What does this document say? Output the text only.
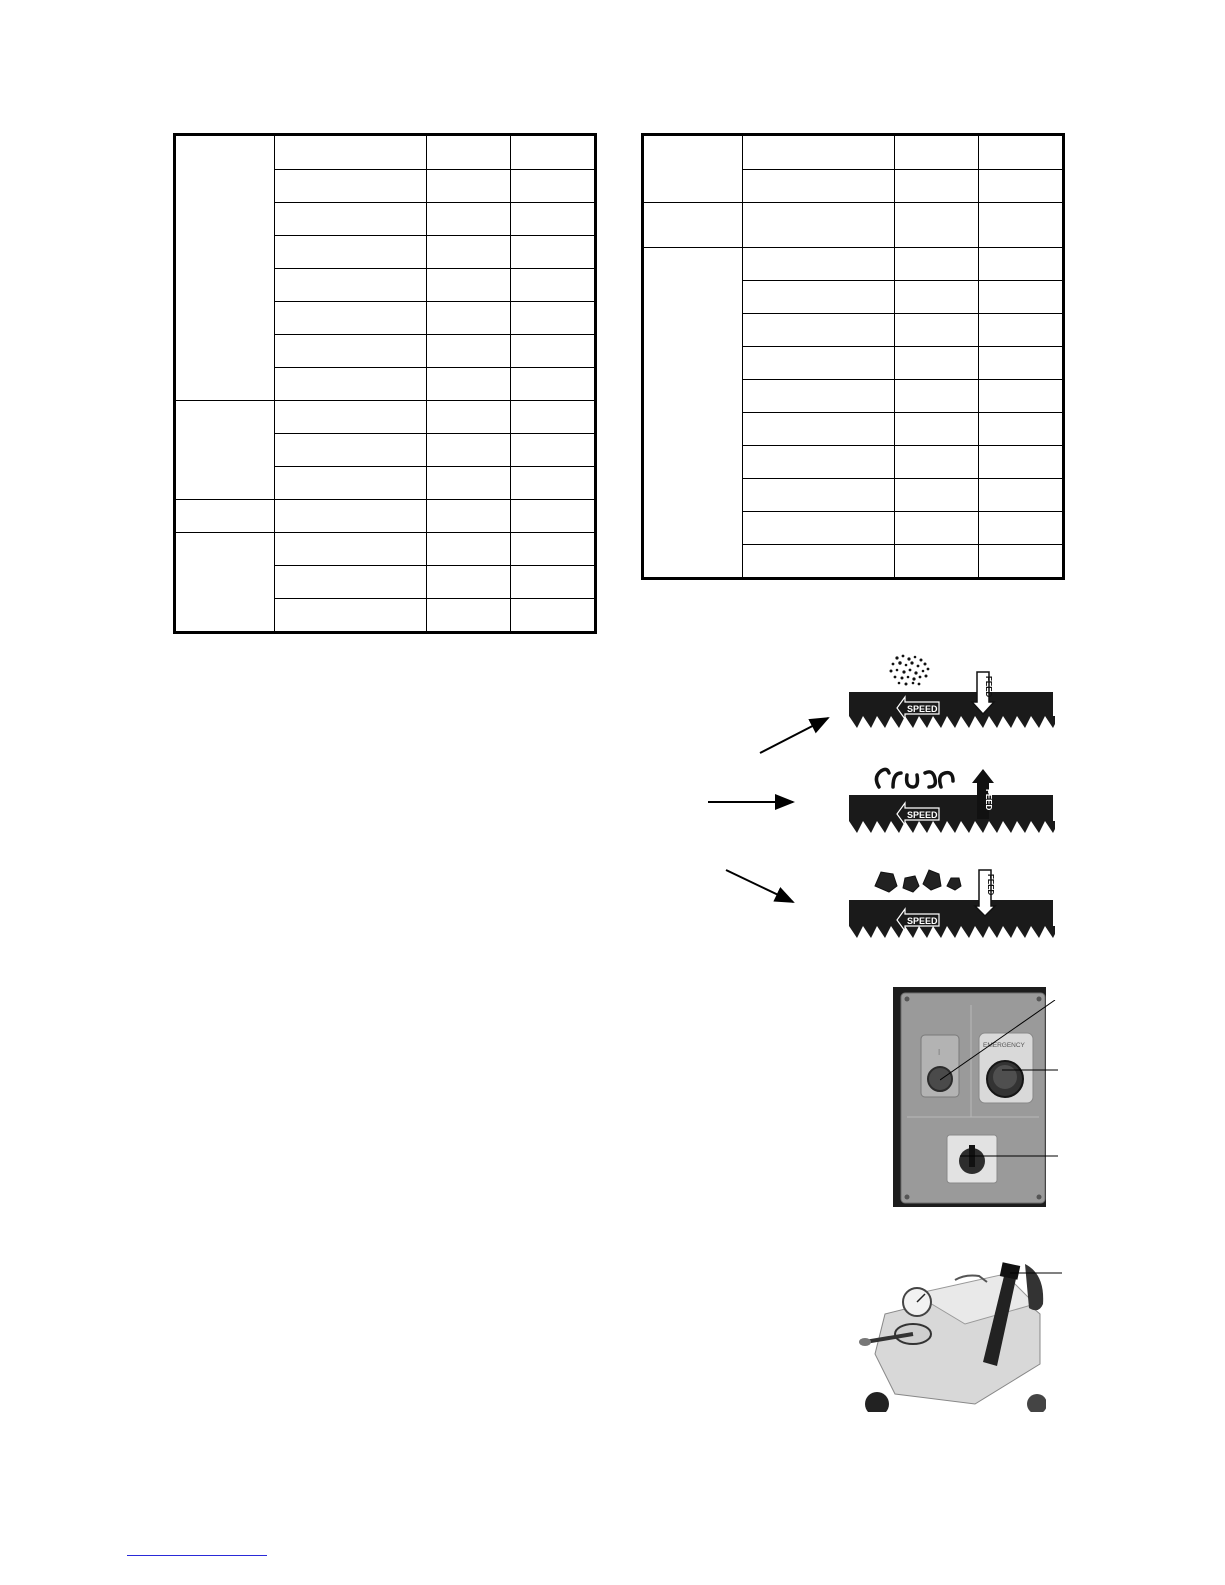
SPEED
FEED
SPEED
FEED
SPEED
FEED
I
EMERGENCY
